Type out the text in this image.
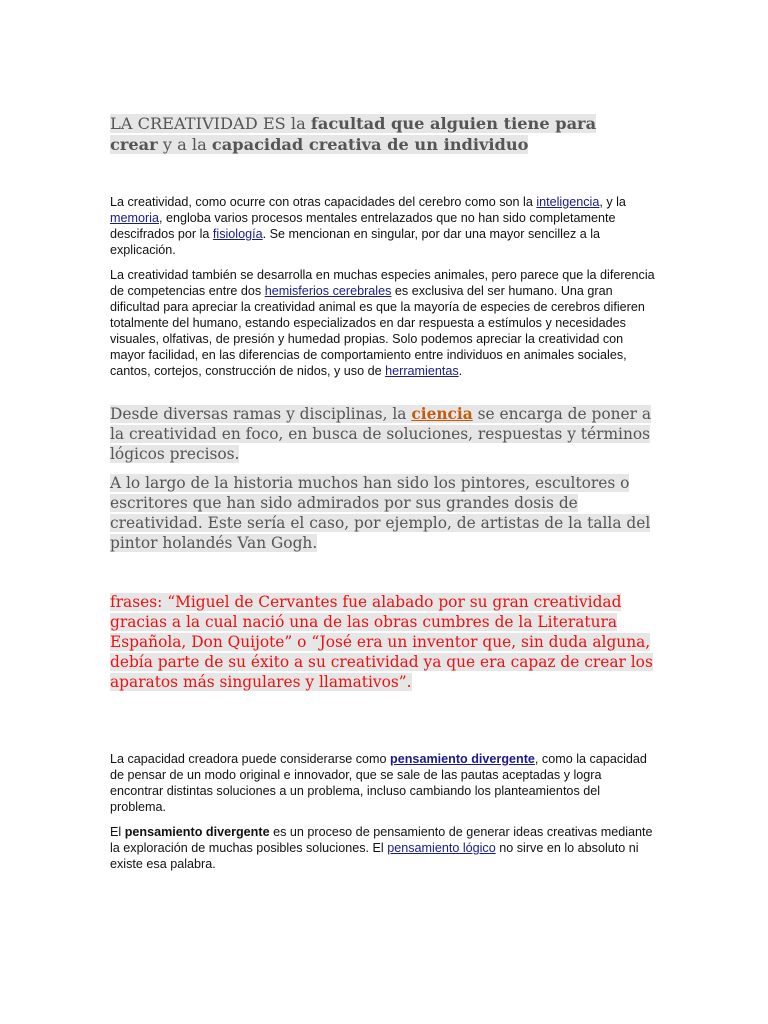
LA CREATIVIDAD ES la facultad que alguien tiene para crear y a la capacidad creativa de un individuo

La creatividad, como ocurre con otras capacidades del cerebro como son la inteligencia, y la memoria, engloba varios procesos mentales entrelazados que no han sido completamente descifrados por la fisiología. Se mencionan en singular, por dar una mayor sencillez a la explicación.

La creatividad también se desarrolla en muchas especies animales, pero parece que la diferencia de competencias entre dos hemisferios cerebrales es exclusiva del ser humano. Una gran dificultad para apreciar la creatividad animal es que la mayoría de especies de cerebros difieren totalmente del humano, estando especializados en dar respuesta a estímulos y necesidades visuales, olfativas, de presión y humedad propias. Solo podemos apreciar la creatividad con mayor facilidad, en las diferencias de comportamiento entre individuos en animales sociales, cantos, cortejos, construcción de nidos, y uso de herramientas.

Desde diversas ramas y disciplinas, la ciencia se encarga de poner a la creatividad en foco, en busca de soluciones, respuestas y términos lógicos precisos.

A lo largo de la historia muchos han sido los pintores, escultores o escritores que han sido admirados por sus grandes dosis de creatividad. Este sería el caso, por ejemplo, de artistas de la talla del pintor holandés Van Gogh.

frases: “Miguel de Cervantes fue alabado por su gran creatividad gracias a la cual nació una de las obras cumbres de la Literatura Española, Don Quijote” o “José era un inventor que, sin duda alguna, debía parte de su éxito a su creatividad ya que era capaz de crear los aparatos más singulares y llamativos”.

La capacidad creadora puede considerarse como pensamiento divergente, como la capacidad de pensar de un modo original e innovador, que se sale de las pautas aceptadas y logra encontrar distintas soluciones a un problema, incluso cambiando los planteamientos del problema.

El pensamiento divergente es un proceso de pensamiento de generar ideas creativas mediante la exploración de muchas posibles soluciones. El pensamiento lógico no sirve en lo absoluto ni existe esa palabra.
